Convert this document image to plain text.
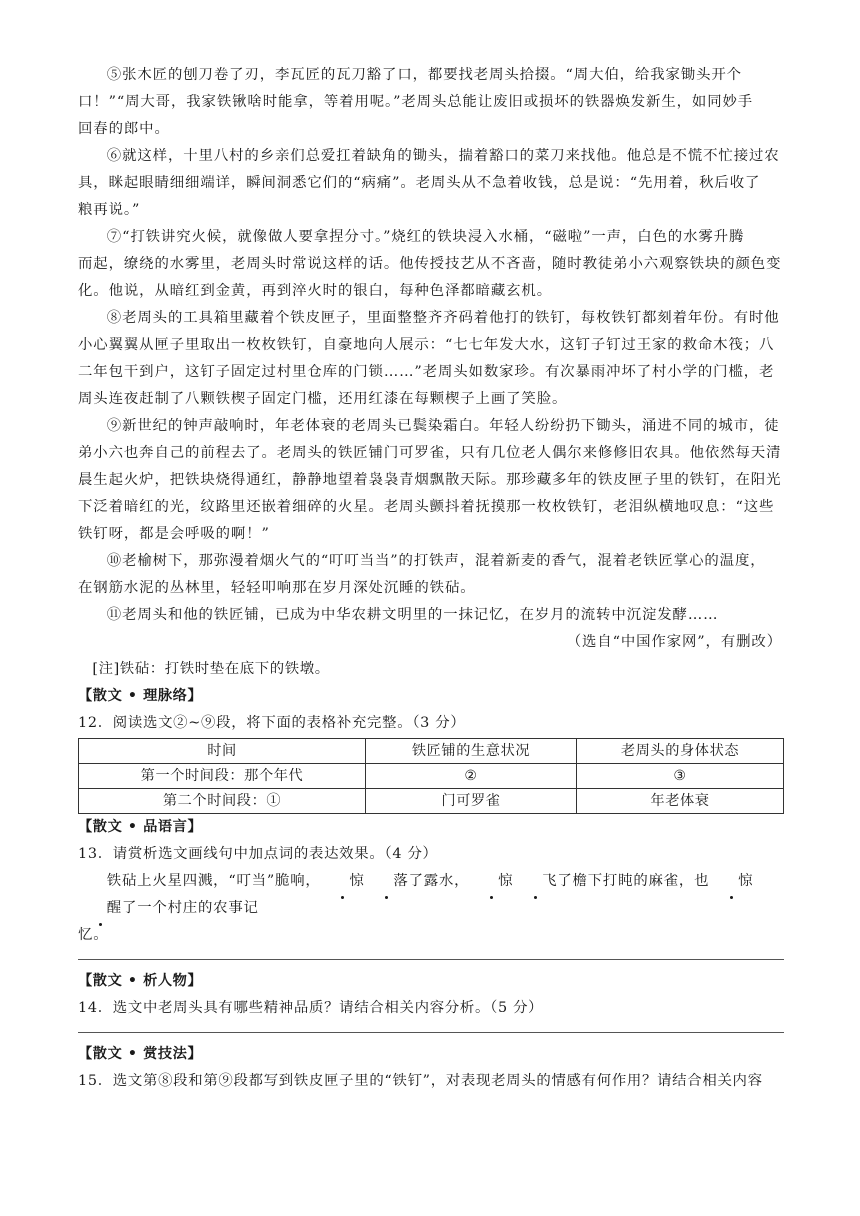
⑤张木匠的刨刀卷了刃，李瓦匠的瓦刀豁了口，都要找老周头拾掇。“周大伯，给我家锄头开个
口！”“周大哥，我家铁锹啥时能拿，等着用呢。”老周头总能让废旧或损坏的铁器焕发新生，如同妙手
回春的郎中。

⑥就这样，十里八村的乡亲们总爱扛着缺角的锄头，揣着豁口的菜刀来找他。他总是不慌不忙接过农
具，眯起眼睛细细端详，瞬间洞悉它们的“病痛”。老周头从不急着收钱，总是说：“先用着，秋后收了
粮再说。”

⑦“打铁讲究火候，就像做人要拿捏分寸。”烧红的铁块浸入水桶，“磁啦”一声，白色的水雾升腾
而起，缭绕的水雾里，老周头时常说这样的话。他传授技艺从不吝啬，随时教徒弟小六观察铁块的颜色变
化。他说，从暗红到金黄，再到淬火时的银白，每种色泽都暗藏玄机。

⑧老周头的工具箱里藏着个铁皮匣子，里面整整齐齐码着他打的铁钉，每枚铁钉都刻着年份。有时他
小心翼翼从匣子里取出一枚枚铁钉，自豪地向人展示：“七七年发大水，这钉子钉过王家的救命木筏；八
二年包干到户，这钉子固定过村里仓库的门锁……”老周头如数家珍。有次暴雨冲坏了村小学的门槛，老
周头连夜赶制了八颗铁楔子固定门槛，还用红漆在每颗楔子上画了笑脸。

⑨新世纪的钟声敲响时，年老体衰的老周头已鬓染霜白。年轻人纷纷扔下锄头，涌进不同的城市，徒
弟小六也奔自己的前程去了。老周头的铁匠铺门可罗雀，只有几位老人偶尔来修修旧农具。他依然每天清
晨生起火炉，把铁块烧得通红，静静地望着袅袅青烟飘散天际。那珍藏多年的铁皮匣子里的铁钉，在阳光
下泛着暗红的光，纹路里还嵌着细碎的火星。老周头颤抖着抚摸那一枚枚铁钉，老泪纵横地叹息：“这些
铁钉呀，都是会呼吸的啊！”

⑩老榆树下，那弥漫着烟火气的“叮叮当当”的打铁声，混着新麦的香气，混着老铁匠掌心的温度，
在钢筋水泥的丛林里，轻轻叩响那在岁月深处沉睡的铁砧。

⑪老周头和他的铁匠铺，已成为中华农耕文明里的一抹记忆，在岁月的流转中沉淀发酵……

（选自“中国作家网”，有删改）

[注]铁砧：打铁时垫在底下的铁墩。

【散文 • 理脉络】

12．阅读选文②~⑨段，将下面的表格补充完整。（3 分）

时间	铁匠铺的生意状况	老周头的身体状态
第一个时间段：那个年代	②	③
第二个时间段：①	门可罗雀	年老体衰

【散文 • 品语言】

13．请赏析选文画线句中加点词的表达效果。（4 分）

铁砧上火星四溅，“叮当”脆响， 惊 落了露水， 惊 飞了檐下打盹的麻雀，也 惊醒了一个村庄的农事记

忆。

【散文 • 析人物】

14．选文中老周头具有哪些精神品质？请结合相关内容分析。（5 分）

【散文 • 赏技法】

15．选文第⑧段和第⑨段都写到铁皮匣子里的“铁钉”，对表现老周头的情感有何作用？请结合相关内容
